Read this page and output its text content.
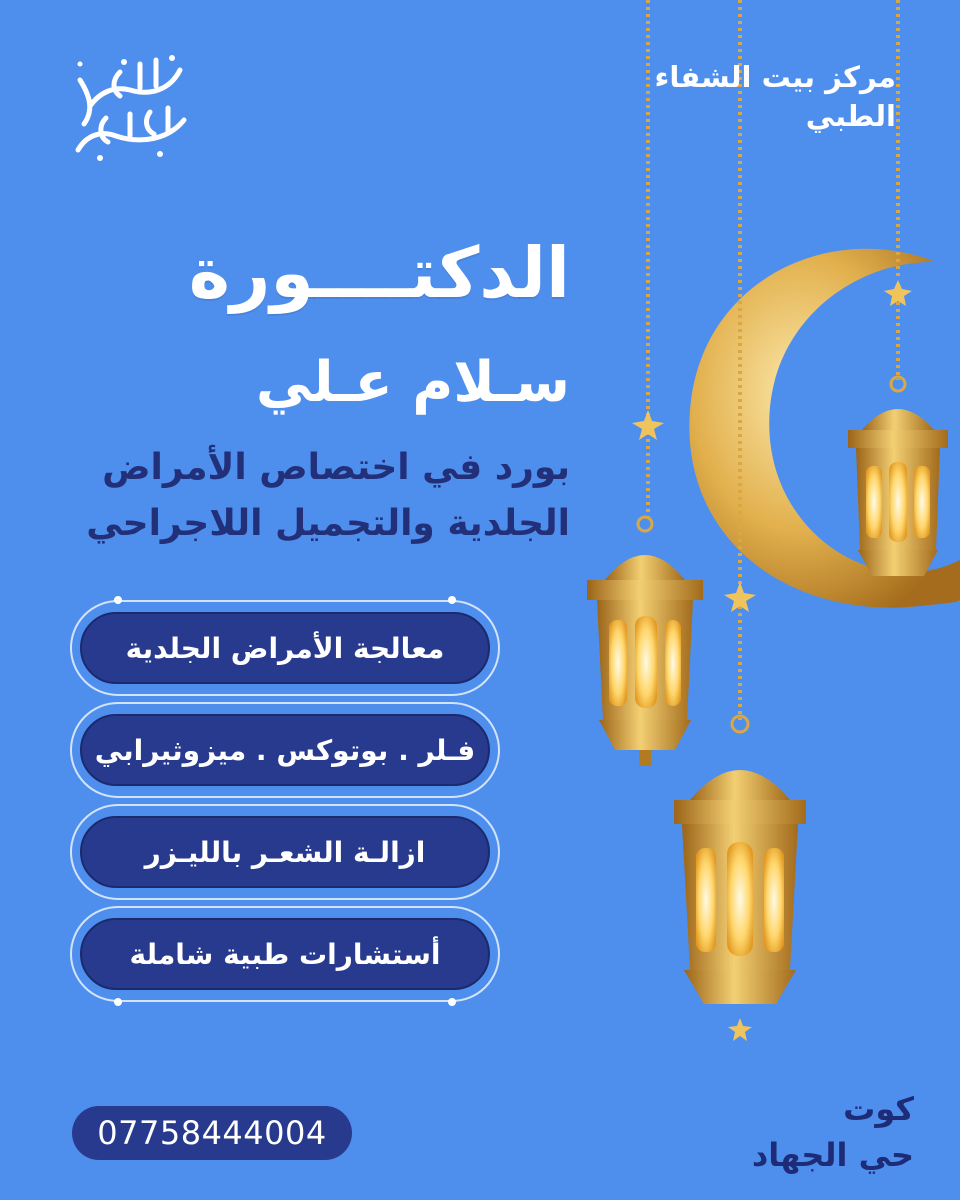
مركز بيت الشفاء
الطبي
الدكتــــورة
سـلام عـلي
بورد في اختصاص الأمراض
الجلدية والتجميل اللاجراحي
معالجة الأمراض الجلدية
فـلر . بوتوكس . ميزوثيرابي
ازالـة الشعـر بالليـزر
أستشارات طبية شاملة
07758444004
كوت
حي الجهاد
